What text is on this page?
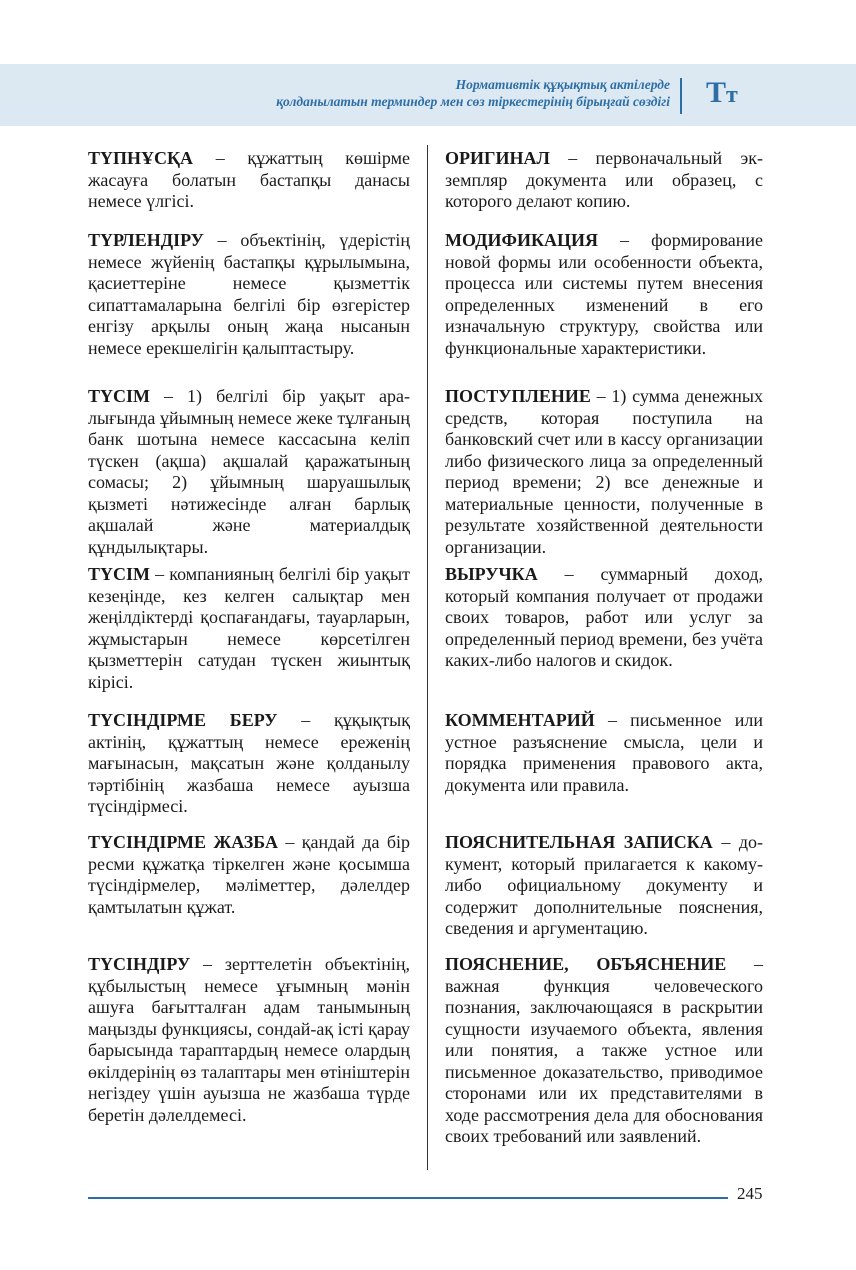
Нормативтік құқықтық актілерде
қолданылатын терминдер мен сөз тіркестерінің бірыңғай сөздігі Тт

ТҮПНҰСҚА – құжаттың көшірме жасауға болатын бастапқы данасы немесе үлгісі.

ТҮРЛЕНДІРУ – объектінің, үдерістің немесе жүйенің бастапқы құрылымына, қасиеттеріне немесе қызметтік сипаттамаларына белгілі бір өзгерістер енгізу арқылы оның жаңа нысанын немесе ерекшелігін қалыптастыру.

ТҮСІМ – 1) белгілі бір уақыт аралығында ұйымның немесе жеке тұлғаның банк шотына немесе кассасына келіп түскен (ақша) ақшалай қаражатының сомасы; 2) ұйымның шаруашылық қызметі нәтижесінде алған барлық ақшалай және материалдық құндылықтары.

ТҮСІМ – компанияның белгілі бір уақыт кезеңінде, кез келген салықтар мен жеңілдіктерді қоспағандағы, тауарларын, жұмыстарын немесе көрсетілген қызметтерін сатудан түскен жиынтық кірісі.

ТҮСІНДІРМЕ БЕРУ – құқықтық актінің, құжаттың немесе ереженің мағынасын, мақсатын және қолданылу тәртібінің жазбаша немесе ауызша түсіндірмесі.

ТҮСІНДІРМЕ ЖАЗБА – қандай да бір ресми құжатқа тіркелген және қосымша түсіндірмелер, мәліметтер, дәлелдер қамтылатын құжат.

ТҮСІНДІРУ – зерттелетін объектінің, құбылыстың немесе ұғымның мәнін ашуға бағытталған адам танымының маңызды функциясы, сондай-ақ істі қарау барысында тараптардың немесе олардың өкілдерінің өз талаптары мен өтініштерін негіздеу үшін ауызша не жазбаша түрде беретін дәлелдемесі.

ОРИГИНАЛ – первоначальный экземпляр документа или образец, с которого делают копию.

МОДИФИКАЦИЯ – формирование новой формы или особенности объекта, процесса или системы путем внесения определенных изменений в его изначальную структуру, свойства или функциональные характеристики.

ПОСТУПЛЕНИЕ – 1) сумма денежных средств, которая поступила на банковский счет или в кассу организации либо физического лица за определенный период времени; 2) все денежные и материальные ценности, полученные в результате хозяйственной деятельности организации.

ВЫРУЧКА – суммарный доход, который компания получает от продажи своих товаров, работ или услуг за определенный период времени, без учёта каких-либо налогов и скидок.

КОММЕНТАРИЙ – письменное или устное разъяснение смысла, цели и порядка применения правового акта, документа или правила.

ПОЯСНИТЕЛЬНАЯ ЗАПИСКА – документ, который прилагается к какому-либо официальному документу и содержит дополнительные пояснения, сведения и аргументацию.

ПОЯСНЕНИЕ, ОБЪЯСНЕНИЕ – важная функция человеческого познания, заключающаяся в раскрытии сущности изучаемого объекта, явления или понятия, а также устное или письменное доказательство, приводимое сторонами или их представителями в ходе рассмотрения дела для обоснования своих требований или заявлений.

245
